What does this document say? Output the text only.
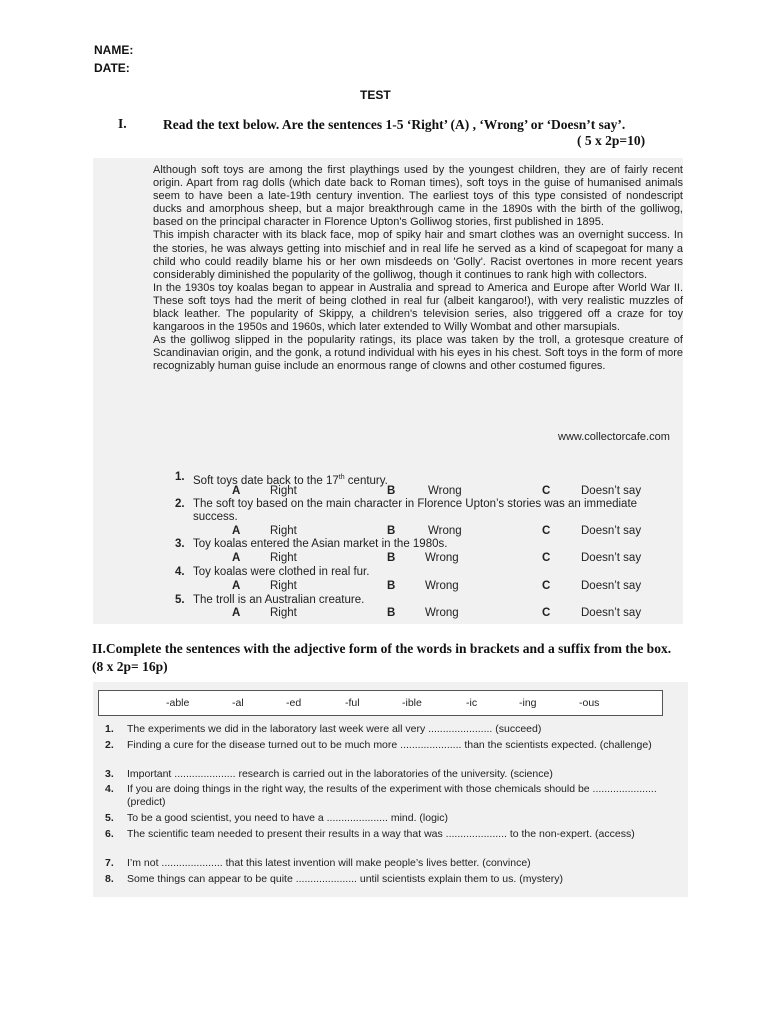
NAME:
DATE:
TEST
I.	Read the text below. Are the sentences 1-5 ‘Right’ (A) , ‘Wrong’ or ‘Doesn’t say’.
( 5 x 2p=10)

Although soft toys are among the first playthings used by the youngest children, they are of fairly recent origin. Apart from rag dolls (which date back to Roman times), soft toys in the guise of humanised animals seem to have been a late-19th century invention. The earliest toys of this type consisted of nondescript ducks and amorphous sheep, but a major breakthrough came in the 1890s with the birth of the golliwog, based on the principal character in Florence Upton's Golliwog stories, first published in 1895.

This impish character with its black face, mop of spiky hair and smart clothes was an overnight success. In the stories, he was always getting into mischief and in real life he served as a kind of scapegoat for many a child who could readily blame his or her own misdeeds on 'Golly'. Racist overtones in more recent years considerably diminished the popularity of the golliwog, though it continues to rank high with collectors.

In the 1930s toy koalas began to appear in Australia and spread to America and Europe after World War II. These soft toys had the merit of being clothed in real fur (albeit kangaroo!), with very realistic muzzles of black leather. The popularity of Skippy, a children's television series, also triggered off a craze for toy kangaroos in the 1950s and 1960s, which later extended to Willy Wombat and other marsupials.

As the golliwog slipped in the popularity ratings, its place was taken by the troll, a grotesque creature of Scandinavian origin, and the gonk, a rotund individual with his eyes in his chest. Soft toys in the form of more recognizably human guise include an enormous range of clowns and other costumed figures.

www.collectorcafe.com
1. Soft toys date back to the 17th century.
A	Right	B	Wrong	C	Doesn’t say
2. The soft toy based on the main character in Florence Upton’s stories was an immediate success.
A	Right	B	Wrong	C	Doesn’t say
3. Toy koalas entered the Asian market in the 1980s.
A	Right	B	Wrong	C	Doesn’t say
4. Toy koalas were clothed in real fur.
A	Right	B	Wrong	C	Doesn’t say
5. The troll is an Australian creature.
A	Right	B	Wrong	C	Doesn’t say
II.Complete the sentences with the adjective form of the words in brackets and a suffix from the box. (8 x 2p= 16p)
-able	-al	-ed	-ful	-ible	-ic	-ing	-ous
1. The experiments we did in the laboratory last week were all very ...................... (succeed)
2. Finding a cure for the disease turned out to be much more ..................... than the scientists expected. (challenge)
3. Important ..................... research is carried out in the laboratories of the university. (science)
4. If you are doing things in the right way, the results of the experiment with those chemicals should be ...................... (predict)
5. To be a good scientist, you need to have a ..................... mind. (logic)
6. The scientific team needed to present their results in a way that was ..................... to the non-expert. (access)
7. I’m not ..................... that this latest invention will make people’s lives better. (convince)
8. Some things can appear to be quite ..................... until scientists explain them to us. (mystery)
